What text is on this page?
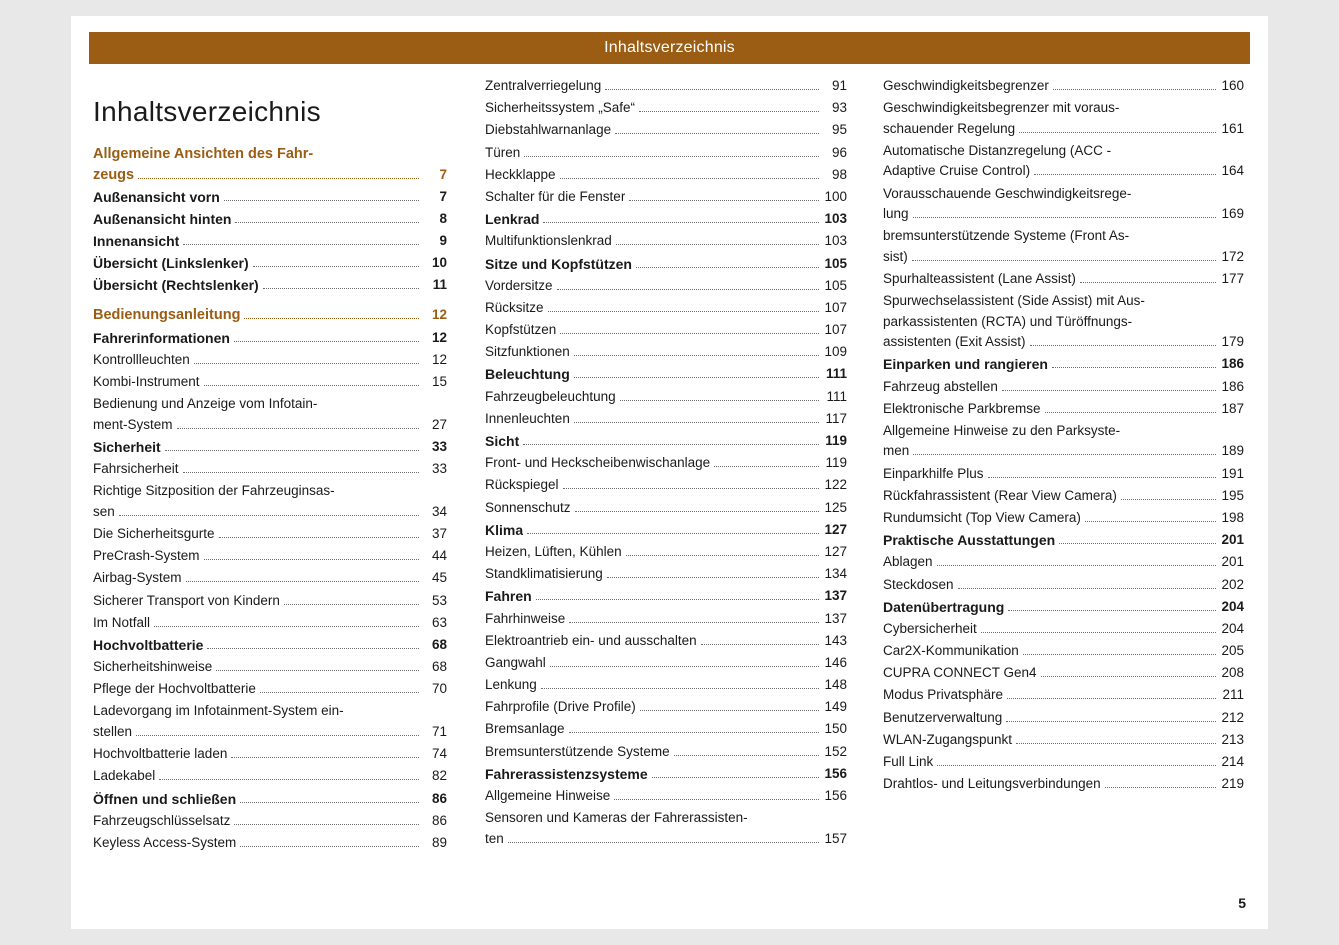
Inhaltsverzeichnis
Inhaltsverzeichnis
Allgemeine Ansichten des Fahr-
zeugs	7
Außenansicht vorn	7
Außenansicht hinten	8
Innenansicht	9
Übersicht (Linkslenker)	10
Übersicht (Rechtslenker)	11
Bedienungsanleitung	12
Fahrerinformationen	12
Kontrollleuchten	12
Kombi-Instrument	15
Bedienung und Anzeige vom Infotain-
ment-System	27
Sicherheit	33
Fahrsicherheit	33
Richtige Sitzposition der Fahrzeuginsas-
sen	34
Die Sicherheitsgurte	37
PreCrash-System	44
Airbag-System	45
Sicherer Transport von Kindern	53
Im Notfall	63
Hochvoltbatterie	68
Sicherheitshinweise	68
Pflege der Hochvoltbatterie	70
Ladevorgang im Infotainment-System ein-
stellen	71
Hochvoltbatterie laden	74
Ladekabel	82
Öffnen und schließen	86
Fahrzeugschlüsselsatz	86
Keyless Access-System	89
Zentralverriegelung	91
Sicherheitssystem „Safe“	93
Diebstahlwarnanlage	95
Türen	96
Heckklappe	98
Schalter für die Fenster	100
Lenkrad	103
Multifunktionslenkrad	103
Sitze und Kopfstützen	105
Vordersitze	105
Rücksitze	107
Kopfstützen	107
Sitzfunktionen	109
Beleuchtung	111
Fahrzeugbeleuchtung	111
Innenleuchten	117
Sicht	119
Front- und Heckscheibenwischanlage	119
Rückspiegel	122
Sonnenschutz	125
Klima	127
Heizen, Lüften, Kühlen	127
Standklimatisierung	134
Fahren	137
Fahrhinweise	137
Elektroantrieb ein- und ausschalten	143
Gangwahl	146
Lenkung	148
Fahrprofile (Drive Profile)	149
Bremsanlage	150
Bremsunterstützende Systeme	152
Fahrerassistenzsysteme	156
Allgemeine Hinweise	156
Sensoren und Kameras der Fahrerassisten-
ten	157
Geschwindigkeitsbegrenzer	160
Geschwindigkeitsbegrenzer mit voraus-
schauender Regelung	161
Automatische Distanzregelung (ACC -
Adaptive Cruise Control)	164
Vorausschauende Geschwindigkeitsrege-
lung	169
bremsunterstützende Systeme (Front As-
sist)	172
Spurhalteassistent (Lane Assist)	177
Spurwechselassistent (Side Assist) mit Aus-
parkassistenten (RCTA) und Türöffnungs-
assistenten (Exit Assist)	179
Einparken und rangieren	186
Fahrzeug abstellen	186
Elektronische Parkbremse	187
Allgemeine Hinweise zu den Parksyste-
men	189
Einparkhilfe Plus	191
Rückfahrassistent (Rear View Camera)	195
Rundumsicht (Top View Camera)	198
Praktische Ausstattungen	201
Ablagen	201
Steckdosen	202
Datenübertragung	204
Cybersicherheit	204
Car2X-Kommunikation	205
CUPRA CONNECT Gen4	208
Modus Privatsphäre	211
Benutzerverwaltung	212
WLAN-Zugangspunkt	213
Full Link	214
Drahtlos- und Leitungsverbindungen	219
5
